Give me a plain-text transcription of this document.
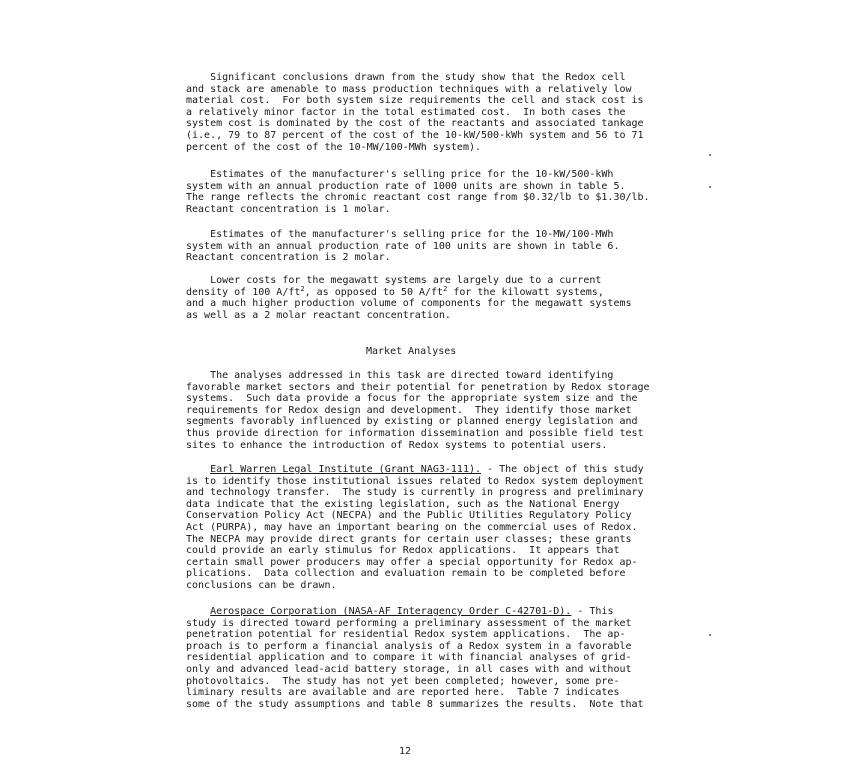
Significant conclusions drawn from the study show that the Redox cell
and stack are amenable to mass production techniques with a relatively low
material cost.  For both system size requirements the cell and stack cost is
a relatively minor factor in the total estimated cost.  In both cases the
system cost is dominated by the cost of the reactants and associated tankage
(i.e., 79 to 87 percent of the cost of the 10-kW/500-kWh system and 56 to 71
percent of the cost of the 10-MW/100-MWh system).
Estimates of the manufacturer's selling price for the 10-kW/500-kWh
system with an annual production rate of 1000 units are shown in table 5.
The range reflects the chromic reactant cost range from $0.32/lb to $1.30/lb.
Reactant concentration is 1 molar.
Estimates of the manufacturer's selling price for the 10-MW/100-MWh
system with an annual production rate of 100 units are shown in table 6.
Reactant concentration is 2 molar.
Lower costs for the megawatt systems are largely due to a current
density of 100 $A/ft^2$, as opposed to 50 $A/ft^2$ for the kilowatt systems,
and a much higher production volume of components for the megawatt systems
as well as a 2 molar reactant concentration.
Market Analyses
The analyses addressed in this task are directed toward identifying
favorable market sectors and their potential for penetration by Redox storage
systems.  Such data provide a focus for the appropriate system size and the
requirements for Redox design and development.  They identify those market
segments favorably influenced by existing or planned energy legislation and
thus provide direction for information dissemination and possible field test
sites to enhance the introduction of Redox systems to potential users.
Earl Warren Legal Institute (Grant NAG3-111). - The object of this study
is to identify those institutional issues related to Redox system deployment
and technology transfer.  The study is currently in progress and preliminary
data indicate that the existing legislation, such as the National Energy
Conservation Policy Act (NECPA) and the Public Utilities Regulatory Policy
Act (PURPA), may have an important bearing on the commercial uses of Redox.
The NECPA may provide direct grants for certain user classes; these grants
could provide an early stimulus for Redox applications.  It appears that
certain small power producers may offer a special opportunity for Redox ap-
plications.  Data collection and evaluation remain to be completed before
conclusions can be drawn.
Aerospace Corporation (NASA-AF Interagency Order C-42701-D). - This
study is directed toward performing a preliminary assessment of the market
penetration potential for residential Redox system applications.  The ap-
proach is to perform a financial analysis of a Redox system in a favorable
residential application and to compare it with financial analyses of grid-
only and advanced lead-acid battery storage, in all cases with and without
photovoltaics.  The study has not yet been completed; however, some pre-
liminary results are available and are reported here.  Table 7 indicates
some of the study assumptions and table 8 summarizes the results.  Note that
12
